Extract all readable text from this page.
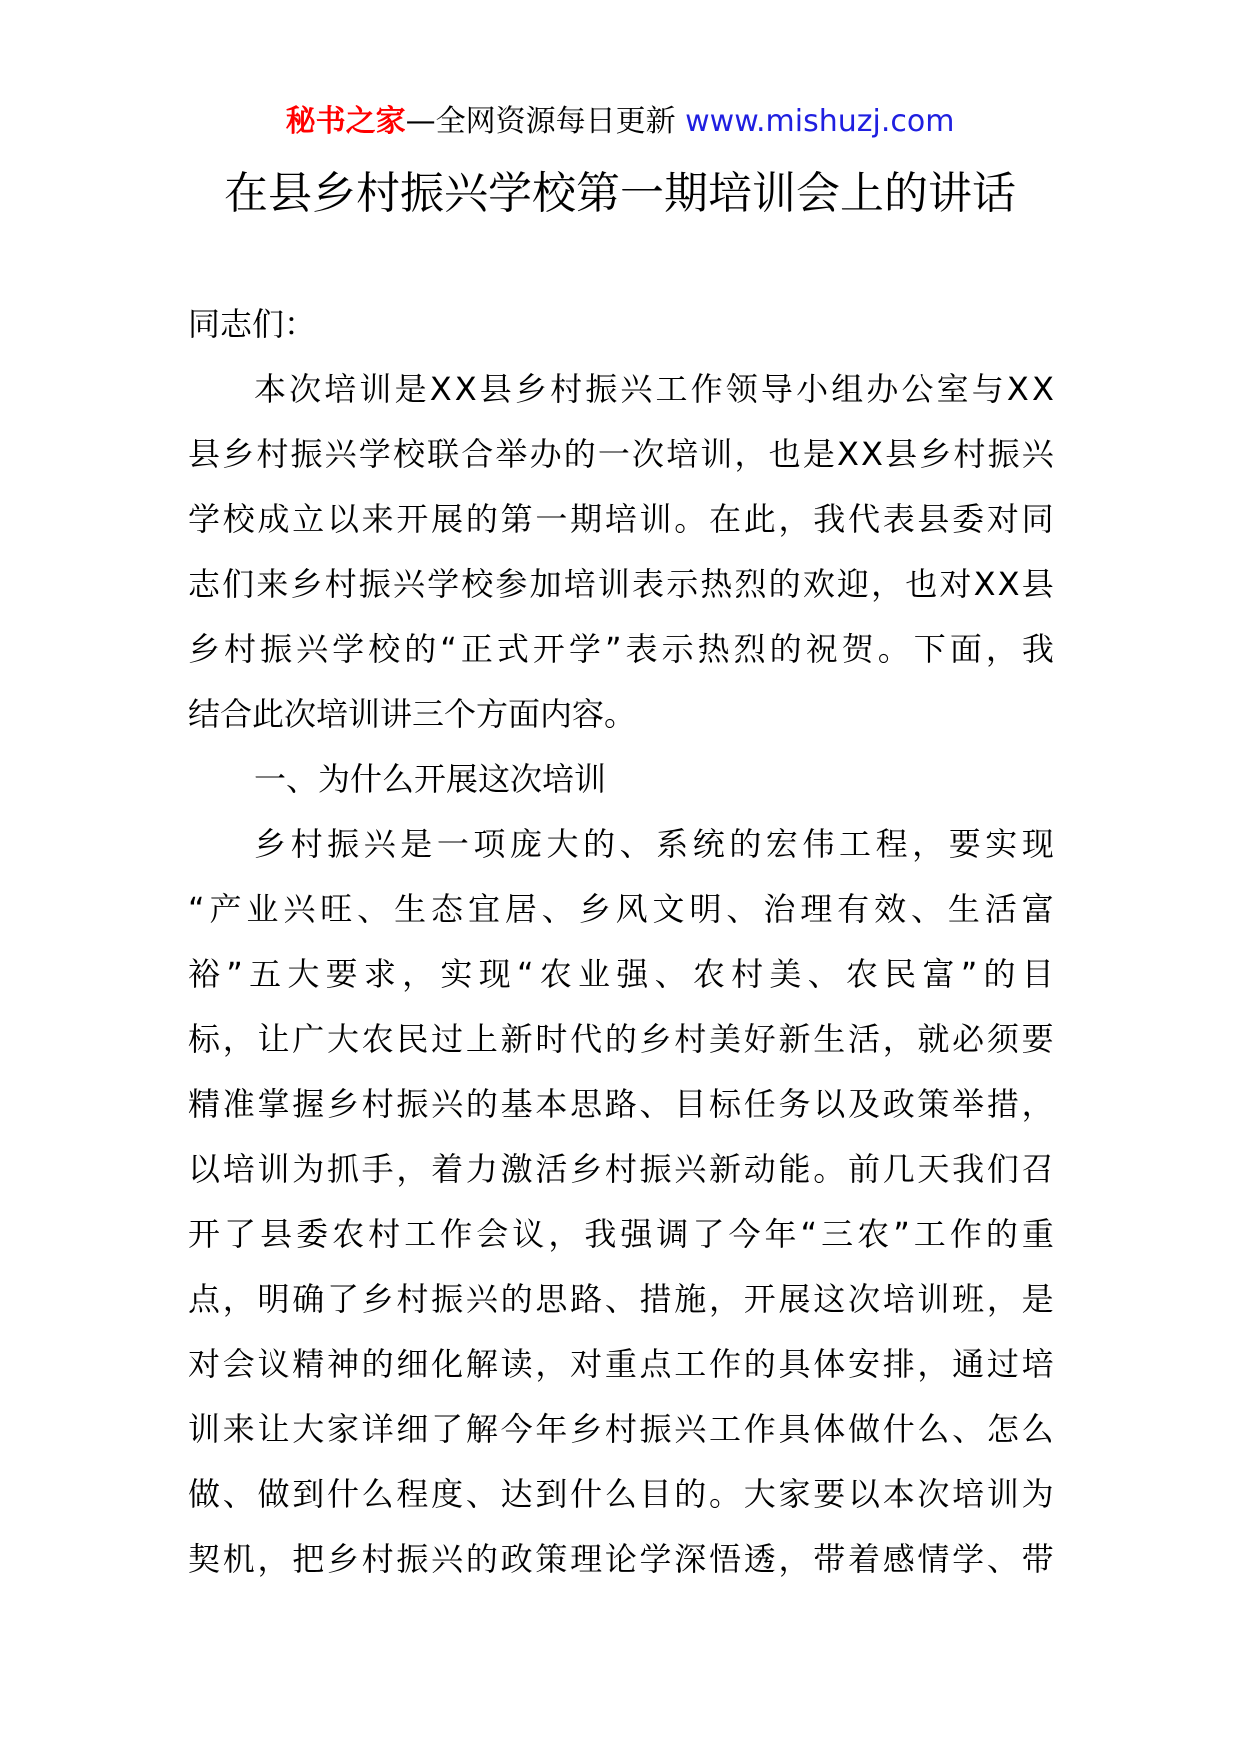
秘书之家—全网资源每日更新 www.mishuzj.com
在县乡村振兴学校第一期培训会上的讲话
同志们：
本 次 培 训 是 X X 县 乡 村 振 兴 工 作 领 导 小 组 办 公 室 与 X X
县 乡 村 振 兴 学 校 联 合 举 办 的 一 次 培 训 ， 也 是 X X 县 乡 村 振 兴
学 校 成 立 以 来 开 展 的 第 一 期 培 训 。 在 此 ， 我 代 表 县 委 对 同
志 们 来 乡 村 振 兴 学 校 参 加 培 训 表 示 热 烈 的 欢 迎 ， 也 对 X X 县
乡 村 振 兴 学 校 的 “ 正 式 开 学 ” 表 示 热 烈 的 祝 贺 。 下 面 ， 我
结合此次培训讲三个方面内容。
一、为什么开展这次培训
乡 村 振 兴 是 一 项 庞 大 的 、 系 统 的 宏 伟 工 程 ， 要 实 现
“ 产 业 兴 旺 、 生 态 宜 居 、 乡 风 文 明 、 治 理 有 效 、 生 活 富
裕 ” 五 大 要 求 ， 实 现 “ 农 业 强 、 农 村 美 、 农 民 富 ” 的 目
标 ， 让 广 大 农 民 过 上 新 时 代 的 乡 村 美 好 新 生 活 ， 就 必 须 要
精 准 掌 握 乡 村 振 兴 的 基 本 思 路 、 目 标 任 务 以 及 政 策 举 措 ，
以 培 训 为 抓 手 ， 着 力 激 活 乡 村 振 兴 新 动 能 。 前 几 天 我 们 召
开 了 县 委 农 村 工 作 会 议 ， 我 强 调 了 今 年 “ 三 农 ” 工 作 的 重
点 ， 明 确 了 乡 村 振 兴 的 思 路 、 措 施 ， 开 展 这 次 培 训 班 ， 是
对 会 议 精 神 的 细 化 解 读 ， 对 重 点 工 作 的 具 体 安 排 ， 通 过 培
训 来 让 大 家 详 细 了 解 今 年 乡 村 振 兴 工 作 具 体 做 什 么 、 怎 么
做 、 做 到 什 么 程 度 、 达 到 什 么 目 的 。 大 家 要 以 本 次 培 训 为
契 机 ， 把 乡 村 振 兴 的 政 策 理 论 学 深 悟 透 ， 带 着 感 情 学 、 带
